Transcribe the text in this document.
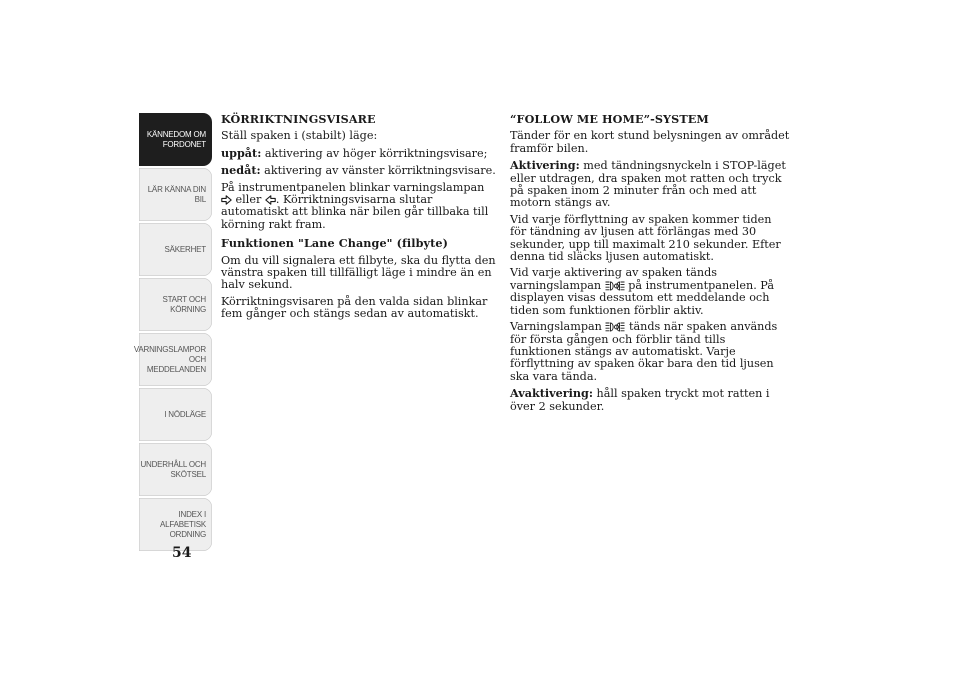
KÄNNEDOM OM
FORDONET
LÄR KÄNNA DIN
BIL
SÄKERHET
START OCH
KÖRNING
VARNINGSLAMPOR
OCH
MEDDELANDEN
I NÖDLÄGE
UNDERHÅLL OCH
SKÖTSEL
INDEX I
ALFABETISK
ORDNING
54
KÖRRIKTNINGSVISARE

Ställ spaken i (stabilt) läge:

uppåt: aktivering av höger körriktningsvisare;

nedåt: aktivering av vänster körriktningsvisare.

På instrumentpanelen blinkar varningslampan

eller
. Körriktningsvisarna slutar automatiskt att blinka när bilen går tillbaka till körning rakt fram.

Funktionen "Lane Change" (filbyte)

Om du vill signalera ett filbyte, ska du flytta den vänstra spaken till tillfälligt läge i mindre än en halv sekund.

Körriktningsvisaren på den valda sidan blinkar fem gånger och stängs sedan av automatiskt.

“FOLLOW ME HOME”-SYSTEM

Tänder för en kort stund belysningen av området framför bilen.

Aktivering: med tändningsnyckeln i STOP-läget eller utdragen, dra spaken mot ratten och tryck på spaken inom 2 minuter från och med att motorn stängs av.

Vid varje förflyttning av spaken kommer tiden för tändning av ljusen att förlängas med 30 sekunder, upp till maximalt 210 sekunder. Efter denna tid släcks ljusen automatiskt.

Vid varje aktivering av spaken tänds varningslampan
på instrumentpanelen. På displayen visas dessutom ett meddelande och tiden som funktionen förblir aktiv.

Varningslampan
tänds när spaken används för första gången och förblir tänd tills funktionen stängs av automatiskt. Varje förflyttning av spaken ökar bara den tid ljusen ska vara tända.

Avaktivering: håll spaken tryckt mot ratten i över 2 sekunder.
